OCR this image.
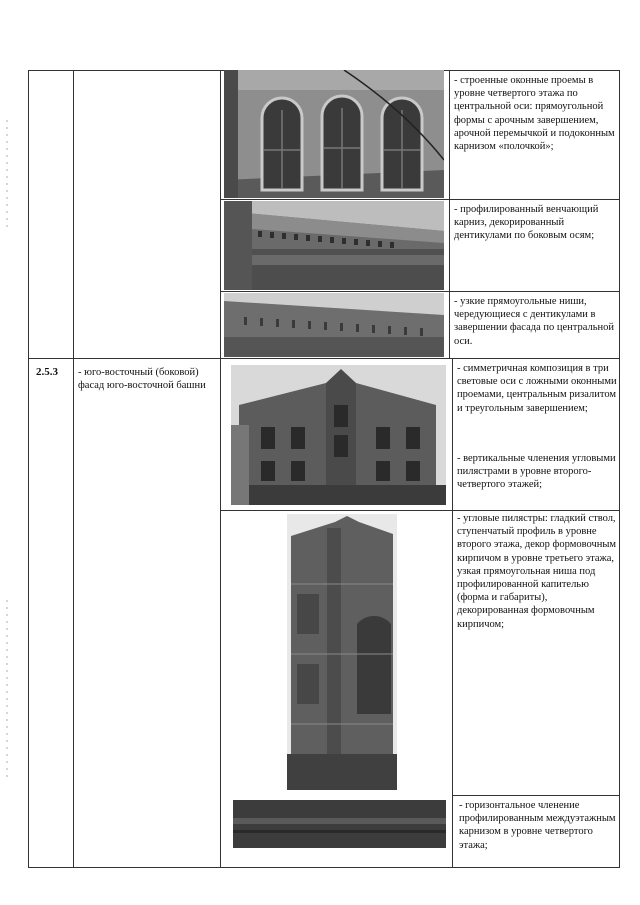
2.5.3	- юго-восточный (боковой) фасад юго-восточной башни
- строенные оконные проемы в уровне четвертого этажа по центральной оси: прямоугольной формы с арочным завершением, арочной перемычкой и подоконным карнизом «полочкой»;
- профилированный венчающий карниз, декорированный дентикулами по боковым осям;
- узкие прямоугольные ниши, чередующиеся с дентикулами в завершении фасада по центральной оси.
- симметричная композиция в три световые оси с ложными оконными проемами, центральным ризалитом и треугольным завершением;
- вертикальные членения угловыми пилястрами в уровне второго-четвертого этажей;
- угловые пилястры: гладкий ствол, ступенчатый профиль в уровне второго этажа, декор формовочным кирпичом в уровне третьего этажа, узкая прямоугольная ниша под профилированной капителью (форма и габариты), декорированная формовочным кирпичом;
- горизонтальное членение профилированным междуэтажным карнизом в уровне четвертого этажа;
